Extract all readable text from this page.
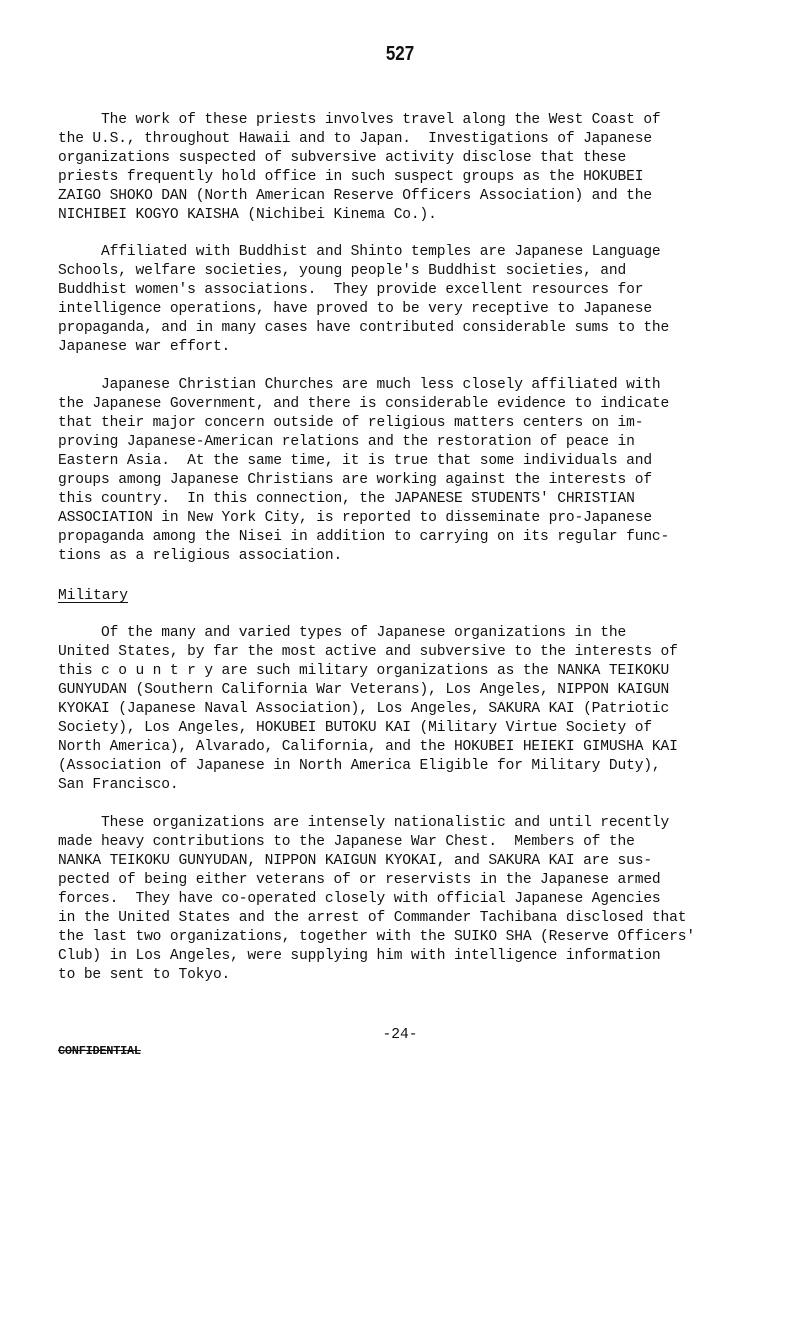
527
The work of these priests involves travel along the West Coast of
the U.S., throughout Hawaii and to Japan.  Investigations of Japanese
organizations suspected of subversive activity disclose that these
priests frequently hold office in such suspect groups as the HOKUBEI
ZAIGO SHOKO DAN (North American Reserve Officers Association) and the
NICHIBEI KOGYO KAISHA (Nichibei Kinema Co.).
Affiliated with Buddhist and Shinto temples are Japanese Language
Schools, welfare societies, young people's Buddhist societies, and
Buddhist women's associations.  They provide excellent resources for
intelligence operations, have proved to be very receptive to Japanese
propaganda, and in many cases have contributed considerable sums to the
Japanese war effort.
Japanese Christian Churches are much less closely affiliated with
the Japanese Government, and there is considerable evidence to indicate
that their major concern outside of religious matters centers on im-
proving Japanese-American relations and the restoration of peace in
Eastern Asia.  At the same time, it is true that some individuals and
groups among Japanese Christians are working against the interests of
this country.  In this connection, the JAPANESE STUDENTS' CHRISTIAN
ASSOCIATION in New York City, is reported to disseminate pro-Japanese
propaganda among the Nisei in addition to carrying on its regular func-
tions as a religious association.
Military
Of the many and varied types of Japanese organizations in the
United States, by far the most active and subversive to the interests of
this c o u n t r y are such military organizations as the NANKA TEIKOKU
GUNYUDAN (Southern California War Veterans), Los Angeles, NIPPON KAIGUN
KYOKAI (Japanese Naval Association), Los Angeles, SAKURA KAI (Patriotic
Society), Los Angeles, HOKUBEI BUTOKU KAI (Military Virtue Society of
North America), Alvarado, California, and the HOKUBEI HEIEKI GIMUSHA KAI
(Association of Japanese in North America Eligible for Military Duty),
San Francisco.
These organizations are intensely nationalistic and until recently
made heavy contributions to the Japanese War Chest.  Members of the
NANKA TEIKOKU GUNYUDAN, NIPPON KAIGUN KYOKAI, and SAKURA KAI are sus-
pected of being either veterans of or reservists in the Japanese armed
forces.  They have co-operated closely with official Japanese Agencies
in the United States and the arrest of Commander Tachibana disclosed that
the last two organizations, together with the SUIKO SHA (Reserve Officers'
Club) in Los Angeles, were supplying him with intelligence information
to be sent to Tokyo.
-24-
CONFIDENTIAL
